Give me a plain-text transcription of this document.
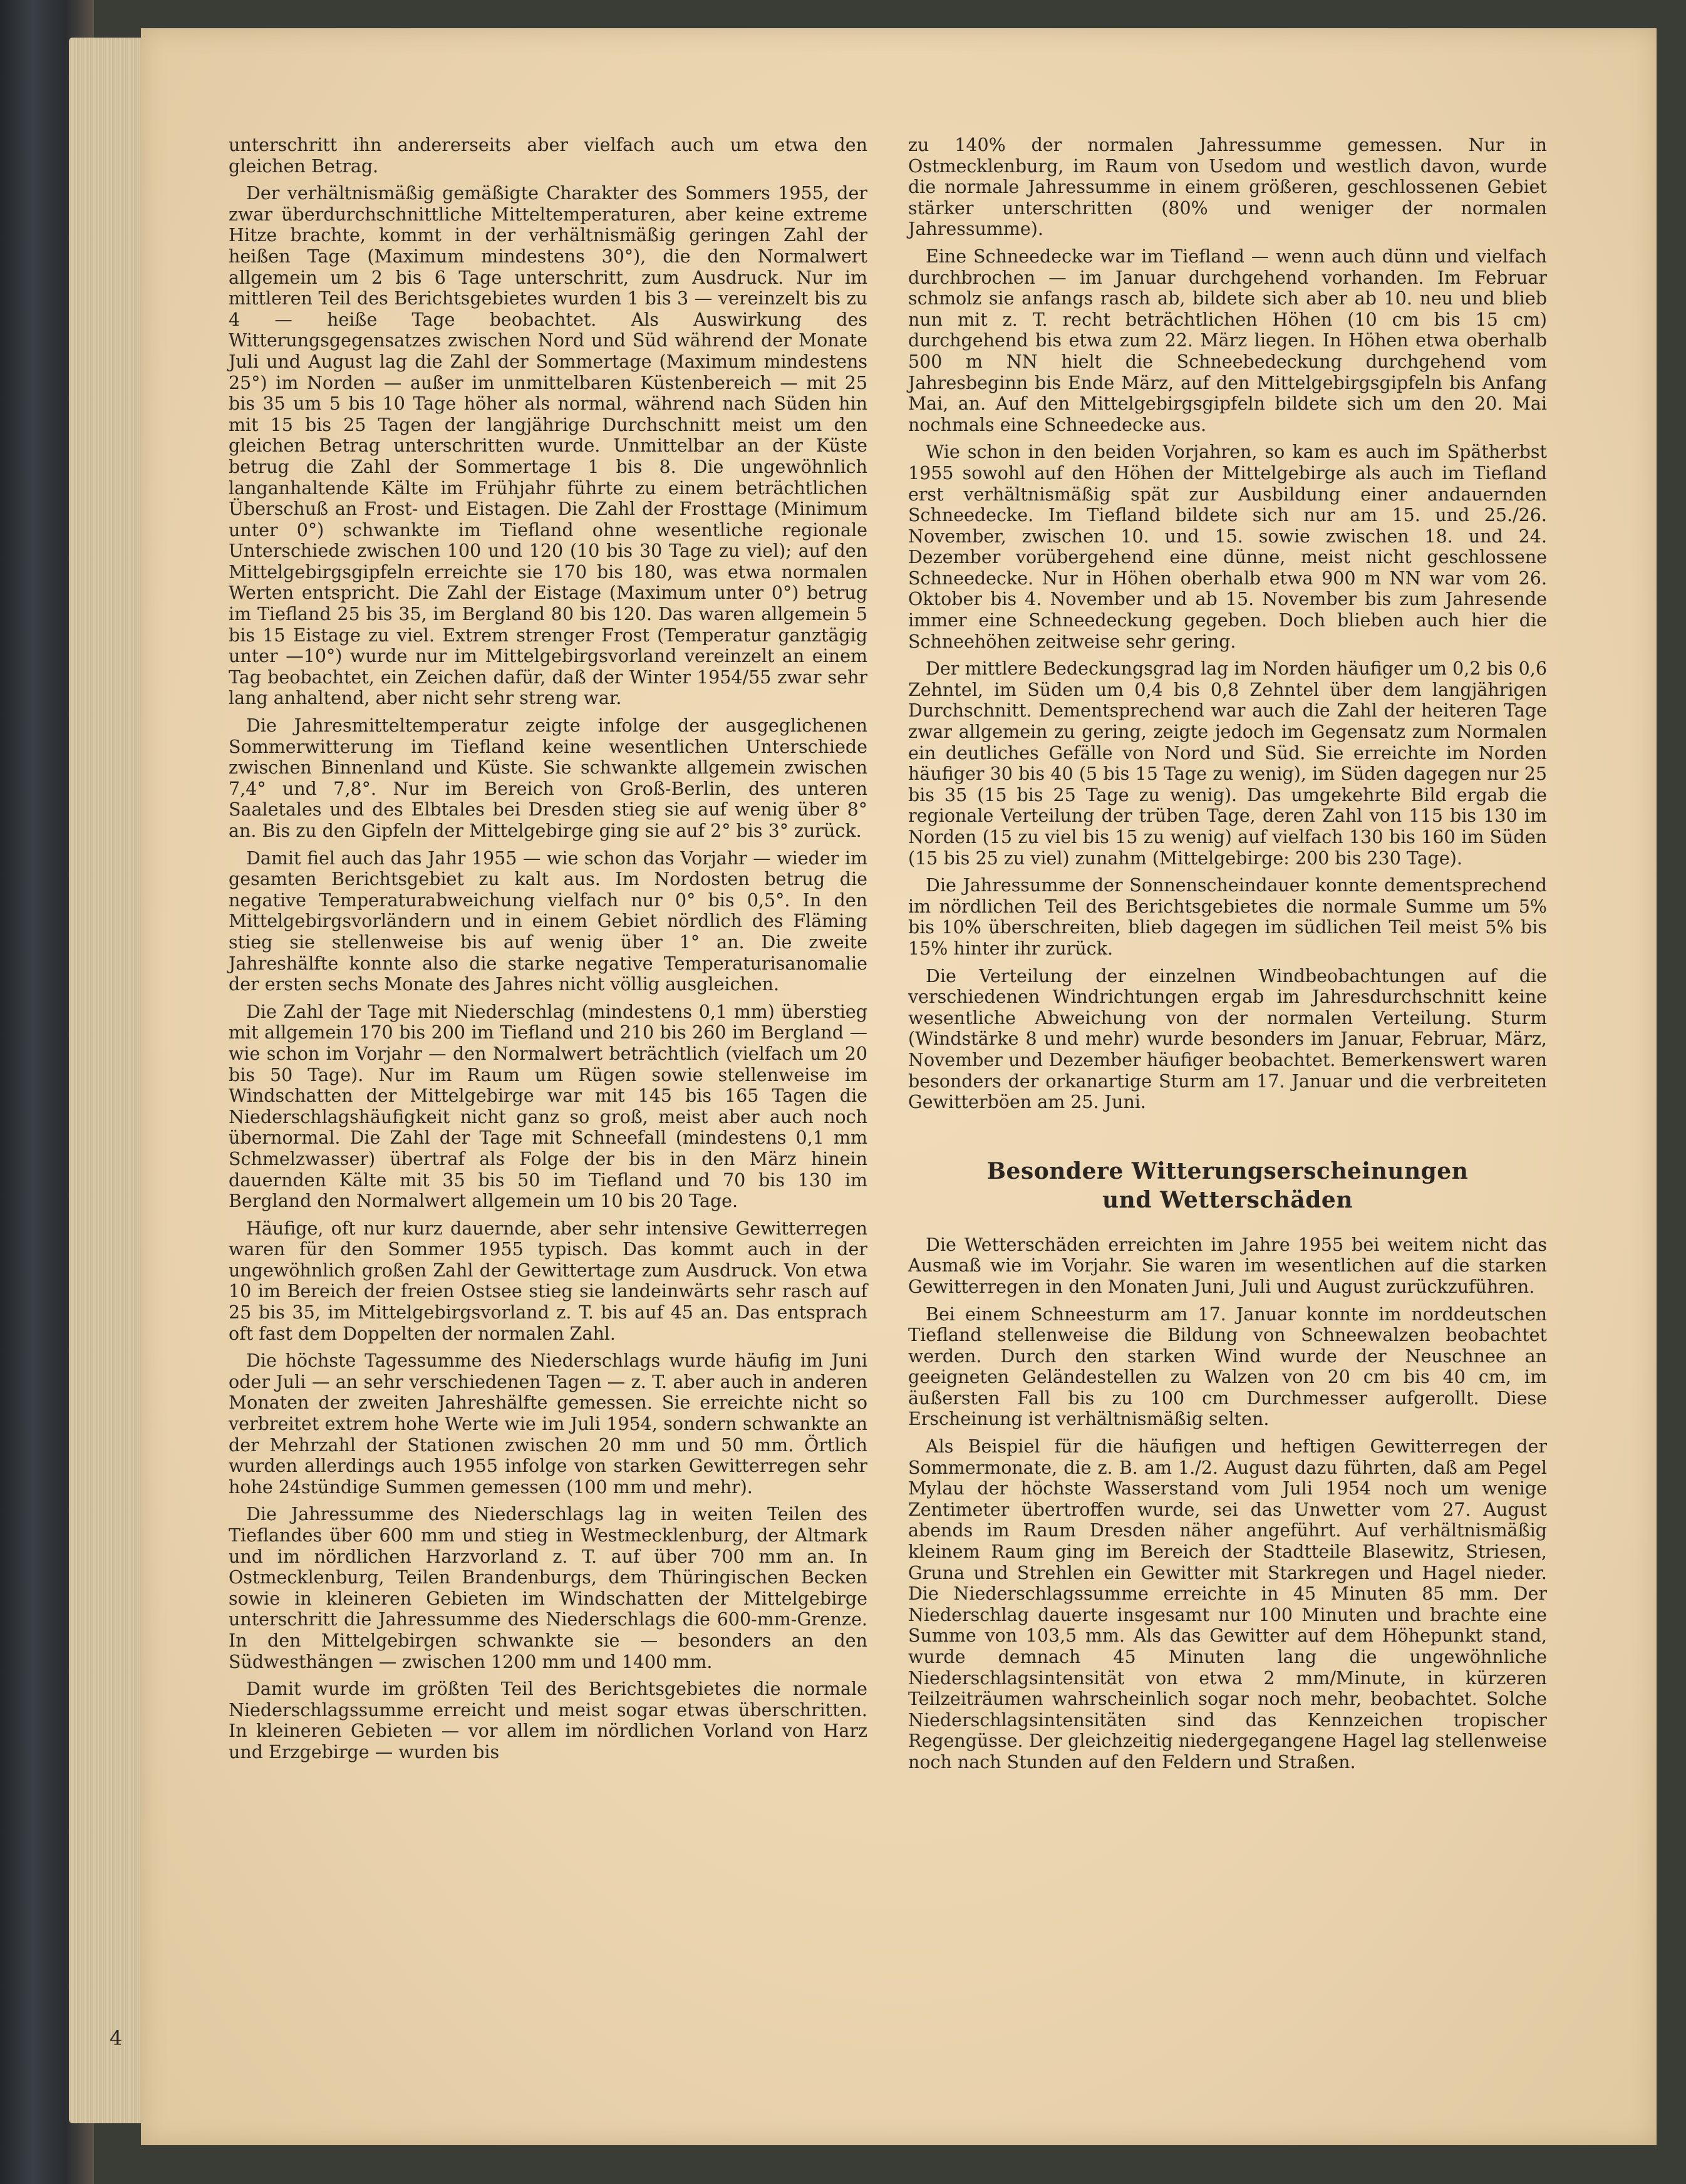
unterschritt ihn andererseits aber vielfach auch um etwa den gleichen Betrag.

Der verhältnismäßig gemäßigte Charakter des Sommers 1955, der zwar überdurchschnittliche Mitteltemperaturen, aber keine extreme Hitze brachte, kommt in der verhältnismäßig geringen Zahl der heißen Tage (Maximum mindestens 30°), die den Normalwert allgemein um 2 bis 6 Tage unterschritt, zum Ausdruck. Nur im mittleren Teil des Berichtsgebietes wurden 1 bis 3 — vereinzelt bis zu 4 — heiße Tage beobachtet. Als Auswirkung des Witterungsgegensatzes zwischen Nord und Süd während der Monate Juli und August lag die Zahl der Sommertage (Maximum mindestens 25°) im Norden — außer im unmittelbaren Küstenbereich — mit 25 bis 35 um 5 bis 10 Tage höher als normal, während nach Süden hin mit 15 bis 25 Tagen der langjährige Durchschnitt meist um den gleichen Betrag unterschritten wurde. Unmittelbar an der Küste betrug die Zahl der Sommertage 1 bis 8. Die ungewöhnlich langanhaltende Kälte im Frühjahr führte zu einem beträchtlichen Überschuß an Frost- und Eistagen. Die Zahl der Frosttage (Minimum unter 0°) schwankte im Tiefland ohne wesentliche regionale Unterschiede zwischen 100 und 120 (10 bis 30 Tage zu viel); auf den Mittelgebirgsgipfeln erreichte sie 170 bis 180, was etwa normalen Werten entspricht. Die Zahl der Eistage (Maximum unter 0°) betrug im Tiefland 25 bis 35, im Bergland 80 bis 120. Das waren allgemein 5 bis 15 Eistage zu viel. Extrem strenger Frost (Temperatur ganztägig unter —10°) wurde nur im Mittelgebirgsvorland vereinzelt an einem Tag beobachtet, ein Zeichen dafür, daß der Winter 1954/55 zwar sehr lang anhaltend, aber nicht sehr streng war.

Die Jahresmitteltemperatur zeigte infolge der ausgeglichenen Sommerwitterung im Tiefland keine wesentlichen Unterschiede zwischen Binnenland und Küste. Sie schwankte allgemein zwischen 7,4° und 7,8°. Nur im Bereich von Groß-Berlin, des unteren Saaletales und des Elbtales bei Dresden stieg sie auf wenig über 8° an. Bis zu den Gipfeln der Mittelgebirge ging sie auf 2° bis 3° zurück.

Damit fiel auch das Jahr 1955 — wie schon das Vorjahr — wieder im gesamten Berichtsgebiet zu kalt aus. Im Nordosten betrug die negative Temperaturabweichung vielfach nur 0° bis 0,5°. In den Mittelgebirgsvorländern und in einem Gebiet nördlich des Fläming stieg sie stellenweise bis auf wenig über 1° an. Die zweite Jahreshälfte konnte also die starke negative Temperaturisanomalie der ersten sechs Monate des Jahres nicht völlig ausgleichen.

Die Zahl der Tage mit Niederschlag (mindestens 0,1 mm) überstieg mit allgemein 170 bis 200 im Tiefland und 210 bis 260 im Bergland — wie schon im Vorjahr — den Normalwert beträchtlich (vielfach um 20 bis 50 Tage). Nur im Raum um Rügen sowie stellenweise im Windschatten der Mittelgebirge war mit 145 bis 165 Tagen die Niederschlagshäufigkeit nicht ganz so groß, meist aber auch noch übernormal. Die Zahl der Tage mit Schneefall (mindestens 0,1 mm Schmelzwasser) übertraf als Folge der bis in den März hinein dauernden Kälte mit 35 bis 50 im Tiefland und 70 bis 130 im Bergland den Normalwert allgemein um 10 bis 20 Tage.

Häufige, oft nur kurz dauernde, aber sehr intensive Gewitterregen waren für den Sommer 1955 typisch. Das kommt auch in der ungewöhnlich großen Zahl der Gewittertage zum Ausdruck. Von etwa 10 im Bereich der freien Ostsee stieg sie landeinwärts sehr rasch auf 25 bis 35, im Mittelgebirgsvorland z. T. bis auf 45 an. Das entsprach oft fast dem Doppelten der normalen Zahl.

Die höchste Tagessumme des Niederschlags wurde häufig im Juni oder Juli — an sehr verschiedenen Tagen — z. T. aber auch in anderen Monaten der zweiten Jahreshälfte gemessen. Sie erreichte nicht so verbreitet extrem hohe Werte wie im Juli 1954, sondern schwankte an der Mehrzahl der Stationen zwischen 20 mm und 50 mm. Örtlich wurden allerdings auch 1955 infolge von starken Gewitterregen sehr hohe 24stündige Summen gemessen (100 mm und mehr).

Die Jahressumme des Niederschlags lag in weiten Teilen des Tieflandes über 600 mm und stieg in Westmecklenburg, der Altmark und im nördlichen Harzvorland z. T. auf über 700 mm an. In Ostmecklenburg, Teilen Brandenburgs, dem Thüringischen Becken sowie in kleineren Gebieten im Windschatten der Mittelgebirge unterschritt die Jahressumme des Niederschlags die 600-mm-Grenze. In den Mittelgebirgen schwankte sie — besonders an den Südwesthängen — zwischen 1200 mm und 1400 mm.

Damit wurde im größten Teil des Berichtsgebietes die normale Niederschlagssumme erreicht und meist sogar etwas überschritten. In kleineren Gebieten — vor allem im nördlichen Vorland von Harz und Erzgebirge — wurden bis

zu 140% der normalen Jahressumme gemessen. Nur in Ostmecklenburg, im Raum von Usedom und westlich davon, wurde die normale Jahressumme in einem größeren, geschlossenen Gebiet stärker unterschritten (80% und weniger der normalen Jahressumme).

Eine Schneedecke war im Tiefland — wenn auch dünn und vielfach durchbrochen — im Januar durchgehend vorhanden. Im Februar schmolz sie anfangs rasch ab, bildete sich aber ab 10. neu und blieb nun mit z. T. recht beträchtlichen Höhen (10 cm bis 15 cm) durchgehend bis etwa zum 22. März liegen. In Höhen etwa oberhalb 500 m NN hielt die Schneebedeckung durchgehend vom Jahresbeginn bis Ende März, auf den Mittelgebirgsgipfeln bis Anfang Mai, an. Auf den Mittelgebirgsgipfeln bildete sich um den 20. Mai nochmals eine Schneedecke aus.

Wie schon in den beiden Vorjahren, so kam es auch im Spätherbst 1955 sowohl auf den Höhen der Mittelgebirge als auch im Tiefland erst verhältnismäßig spät zur Ausbildung einer andauernden Schneedecke. Im Tiefland bildete sich nur am 15. und 25./26. November, zwischen 10. und 15. sowie zwischen 18. und 24. Dezember vorübergehend eine dünne, meist nicht geschlossene Schneedecke. Nur in Höhen oberhalb etwa 900 m NN war vom 26. Oktober bis 4. November und ab 15. November bis zum Jahresende immer eine Schneedeckung gegeben. Doch blieben auch hier die Schneehöhen zeitweise sehr gering.

Der mittlere Bedeckungsgrad lag im Norden häufiger um 0,2 bis 0,6 Zehntel, im Süden um 0,4 bis 0,8 Zehntel über dem langjährigen Durchschnitt. Dementsprechend war auch die Zahl der heiteren Tage zwar allgemein zu gering, zeigte jedoch im Gegensatz zum Normalen ein deutliches Gefälle von Nord und Süd. Sie erreichte im Norden häufiger 30 bis 40 (5 bis 15 Tage zu wenig), im Süden dagegen nur 25 bis 35 (15 bis 25 Tage zu wenig). Das umgekehrte Bild ergab die regionale Verteilung der trüben Tage, deren Zahl von 115 bis 130 im Norden (15 zu viel bis 15 zu wenig) auf vielfach 130 bis 160 im Süden (15 bis 25 zu viel) zunahm (Mittelgebirge: 200 bis 230 Tage).

Die Jahressumme der Sonnenscheindauer konnte dementsprechend im nördlichen Teil des Berichtsgebietes die normale Summe um 5% bis 10% überschreiten, blieb dagegen im südlichen Teil meist 5% bis 15% hinter ihr zurück.

Die Verteilung der einzelnen Windbeobachtungen auf die verschiedenen Windrichtungen ergab im Jahresdurchschnitt keine wesentliche Abweichung von der normalen Verteilung. Sturm (Windstärke 8 und mehr) wurde besonders im Januar, Februar, März, November und Dezember häufiger beobachtet. Bemerkenswert waren besonders der orkanartige Sturm am 17. Januar und die verbreiteten Gewitterböen am 25. Juni.

Besondere Witterungserscheinungen
und Wetterschäden

Die Wetterschäden erreichten im Jahre 1955 bei weitem nicht das Ausmaß wie im Vorjahr. Sie waren im wesentlichen auf die starken Gewitterregen in den Monaten Juni, Juli und August zurückzuführen.

Bei einem Schneesturm am 17. Januar konnte im norddeutschen Tiefland stellenweise die Bildung von Schneewalzen beobachtet werden. Durch den starken Wind wurde der Neuschnee an geeigneten Geländestellen zu Walzen von 20 cm bis 40 cm, im äußersten Fall bis zu 100 cm Durchmesser aufgerollt. Diese Erscheinung ist verhältnismäßig selten.

Als Beispiel für die häufigen und heftigen Gewitterregen der Sommermonate, die z. B. am 1./2. August dazu führten, daß am Pegel Mylau der höchste Wasserstand vom Juli 1954 noch um wenige Zentimeter übertroffen wurde, sei das Unwetter vom 27. August abends im Raum Dresden näher angeführt. Auf verhältnismäßig kleinem Raum ging im Bereich der Stadtteile Blasewitz, Striesen, Gruna und Strehlen ein Gewitter mit Starkregen und Hagel nieder. Die Niederschlagssumme erreichte in 45 Minuten 85 mm. Der Niederschlag dauerte insgesamt nur 100 Minuten und brachte eine Summe von 103,5 mm. Als das Gewitter auf dem Höhepunkt stand, wurde demnach 45 Minuten lang die ungewöhnliche Niederschlagsintensität von etwa 2 mm/Minute, in kürzeren Teilzeiträumen wahrscheinlich sogar noch mehr, beobachtet. Solche Niederschlagsintensitäten sind das Kennzeichen tropischer Regengüsse. Der gleichzeitig niedergegangene Hagel lag stellenweise noch nach Stunden auf den Feldern und Straßen.

4
